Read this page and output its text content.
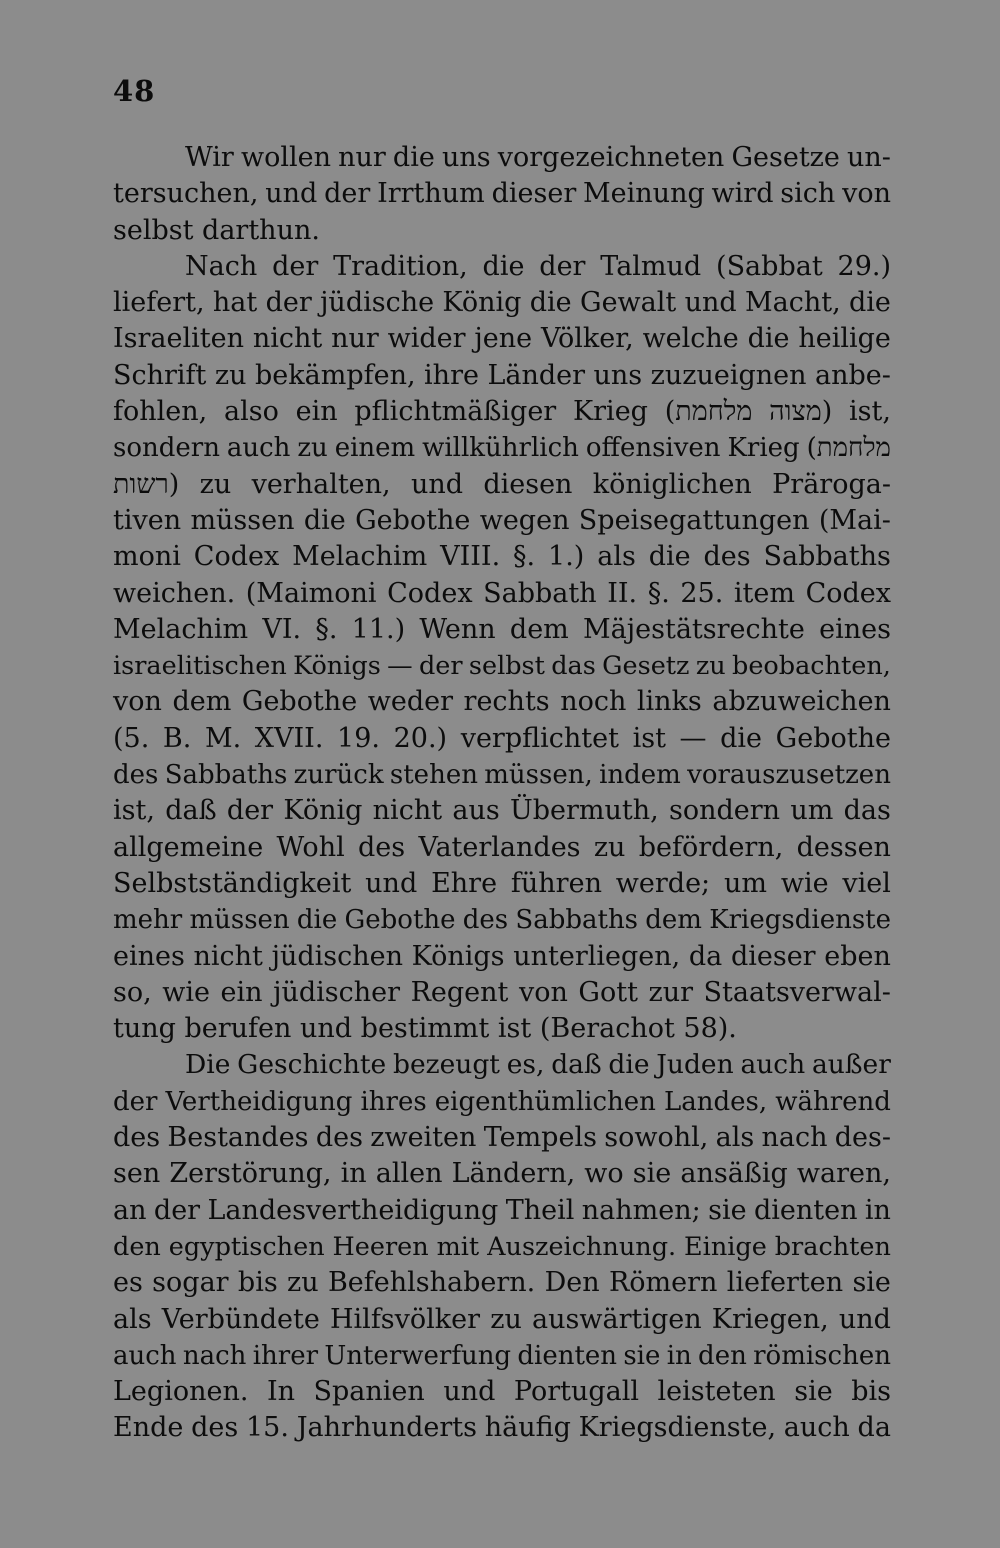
48
Wir wollen nur die uns vorgezeichneten Gesetze un-
tersuchen, und der Irrthum dieser Meinung wird sich von
selbst darthun.
Nach der Tradition, die der Talmud (Sabbat 29.)
liefert, hat der jüdische König die Gewalt und Macht, die
Israeliten nicht nur wider jene Völker, welche die heilige
Schrift zu bekämpfen, ihre Länder uns zuzueignen anbe-
fohlen, also ein pflichtmäßiger Krieg (מלחמת מצוה) ist,
sondern auch zu einem willkührlich offensiven Krieg (מלחמת
רשות) zu verhalten, und diesen königlichen Präroga-
tiven müssen die Gebothe wegen Speisegattungen (Mai-
moni Codex Melachim VIII. §. 1.) als die des Sabbaths
weichen. (Maimoni Codex Sabbath II. §. 25. item Codex
Melachim VI. §. 11.) Wenn dem Mäjestätsrechte eines
israelitischen Königs — der selbst das Gesetz zu beobachten,
von dem Gebothe weder rechts noch links abzuweichen
(5. B. M. XVII. 19. 20.) verpflichtet ist — die Gebothe
des Sabbaths zurück stehen müssen, indem vorauszusetzen
ist, daß der König nicht aus Übermuth, sondern um das
allgemeine Wohl des Vaterlandes zu befördern, dessen
Selbstständigkeit und Ehre führen werde; um wie viel
mehr müssen die Gebothe des Sabbaths dem Kriegsdienste
eines nicht jüdischen Königs unterliegen, da dieser eben
so, wie ein jüdischer Regent von Gott zur Staatsverwal-
tung berufen und bestimmt ist (Berachot 58).
Die Geschichte bezeugt es, daß die Juden auch außer
der Vertheidigung ihres eigenthümlichen Landes, während
des Bestandes des zweiten Tempels sowohl, als nach des-
sen Zerstörung, in allen Ländern, wo sie ansäßig waren,
an der Landesvertheidigung Theil nahmen; sie dienten in
den egyptischen Heeren mit Auszeichnung. Einige brachten
es sogar bis zu Befehlshabern. Den Römern lieferten sie
als Verbündete Hilfsvölker zu auswärtigen Kriegen, und
auch nach ihrer Unterwerfung dienten sie in den römischen
Legionen. In Spanien und Portugall leisteten sie bis
Ende des 15. Jahrhunderts häufig Kriegsdienste, auch da
